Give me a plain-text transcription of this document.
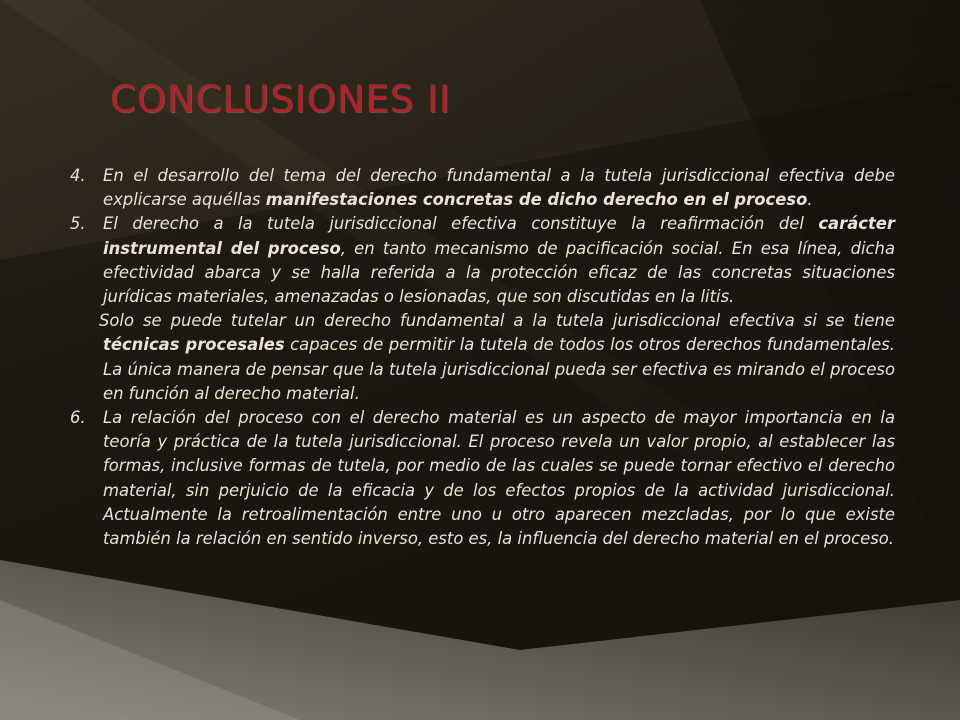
CONCLUSIONES II
4.	En el desarrollo del tema del derecho fundamental a la tutela jurisdiccional efectiva debe explicarse aquéllas manifestaciones concretas de dicho derecho en el proceso.
5.	El derecho a la tutela jurisdiccional efectiva constituye la reafirmación del carácter instrumental del proceso, en tanto mecanismo de pacificación social. En esa línea, dicha efectividad abarca y se halla referida a la protección eficaz de las concretas situaciones jurídicas materiales, amenazadas o lesionadas, que son discutidas en la litis.
Solo se puede tutelar un derecho fundamental a la tutela jurisdiccional efectiva si se tiene técnicas procesales capaces de permitir la tutela de todos los otros derechos fundamentales. La única manera de pensar que la tutela jurisdiccional pueda ser efectiva es mirando el proceso en función al derecho material.
6.	La relación del proceso con el derecho material es un aspecto de mayor importancia en la teoría y práctica de la tutela jurisdiccional. El proceso revela un valor propio, al establecer las formas, inclusive formas de tutela, por medio de las cuales se puede tornar efectivo el derecho material, sin perjuicio de la eficacia y de los efectos propios de la actividad jurisdiccional. Actualmente la retroalimentación entre uno u otro aparecen mezcladas, por lo que existe también la relación en sentido inverso, esto es, la influencia del derecho material en el proceso.
